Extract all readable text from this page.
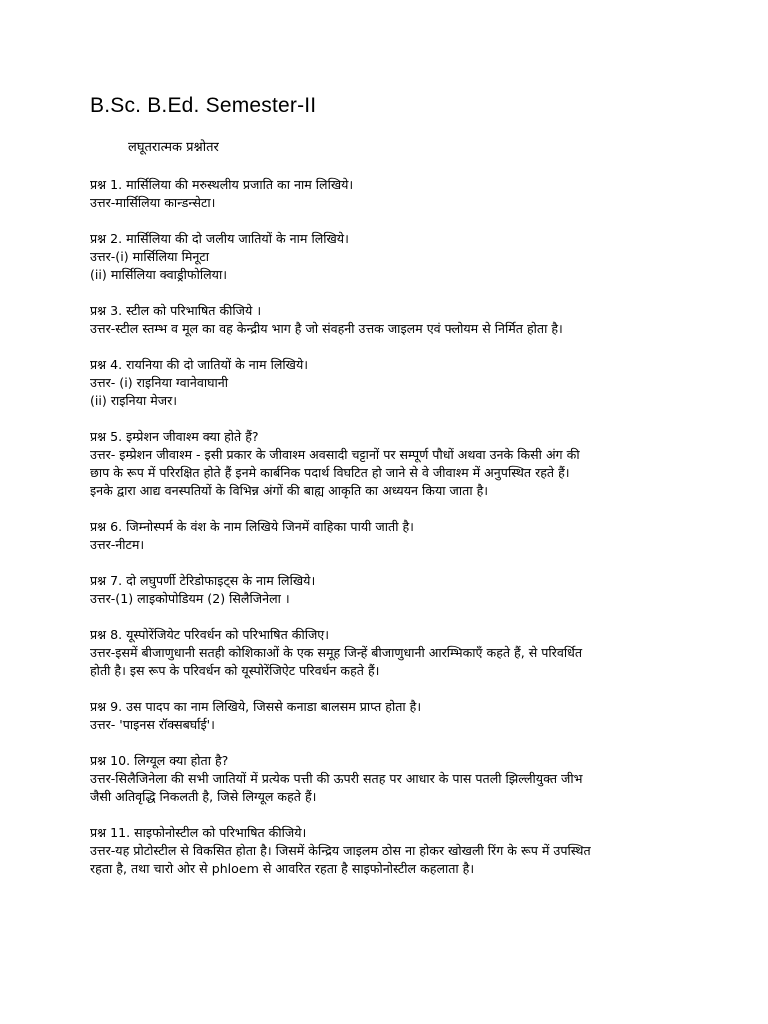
B.Sc. B.Ed. Semester-II
लघूतरात्मक प्रश्नोतर
प्रश्न 1. मार्सिलिया की मरुस्थलीय प्रजाति का नाम लिखिये।
उत्तर-मार्सिलिया कान्डन्सेटा।
प्रश्न 2. मार्सिलिया की दो जलीय जातियों के नाम लिखिये।
उत्तर-(i) मार्सिलिया मिनूटा
(ii) मार्सिलिया क्वाड्रीफोलिया।
प्रश्न 3. स्टील को परिभाषित कीजिये ।
उत्तर-स्टील स्तम्भ व मूल का वह केन्द्रीय भाग है जो संवहनी उत्तक जाइलम एवं फ्लोयम से निर्मित होता है।
प्रश्न 4. रायनिया की दो जातियों के नाम लिखिये।
उत्तर- (i) राइनिया ग्वानेवाघानी
(ii) राइनिया मेजर।
प्रश्न 5. इम्प्रेशन जीवाश्म क्या होते हैं?
उत्तर- इम्प्रेशन जीवाश्म - इसी प्रकार के जीवाश्म अवसादी चट्टानों पर सम्पूर्ण पौधों अथवा उनके किसी अंग की
छाप के रूप में परिरक्षित होते हैं इनमे कार्बनिक पदार्थ विघटित हो जाने से वे जीवाश्म में अनुपस्थित रहते हैं।
इनके द्वारा आद्य वनस्पतियों के विभिन्न अंगों की बाह्य आकृति का अध्ययन किया जाता है।
प्रश्न 6. जिम्नोस्पर्म के वंश के नाम लिखिये जिनमें वाहिका पायी जाती है।
उत्तर-नीटम।
प्रश्न 7. दो लघुपर्णी टेरिडोफाइट्स के नाम लिखिये।
उत्तर-(1) लाइकोपोडियम (2) सिलैजिनेला ।
प्रश्न 8. यूस्पोरेंजियेट परिवर्धन को परिभाषित कीजिए।
उत्तर-इसमें बीजाणुधानी सतही कोशिकाओं के एक समूह जिन्हें बीजाणुधानी आरम्भिकाएँ कहते हैं, से परिवर्धित
होती है। इस रूप के परिवर्धन को यूस्पोरेंजिऐट परिवर्धन कहते हैं।
प्रश्न 9. उस पादप का नाम लिखिये, जिससे कनाडा बालसम प्राप्त होता है।
उत्तर- 'पाइनस रॉक्सबर्घाई'।
प्रश्न 10. लिग्यूल क्या होता है?
उत्तर-सिलैजिनेला की सभी जातियों में प्रत्येक पत्ती की ऊपरी सतह पर आधार के पास पतली झिल्लीयुक्त जीभ
जैसी अतिवृद्धि निकलती है, जिसे लिग्यूल कहते हैं।
प्रश्न 11. साइफोनोस्टील को परिभाषित कीजिये।
उत्तर-यह प्रोटोस्टील से विकसित होता है। जिसमें केन्द्रिय जाइलम ठोस ना होकर खोखली रिंग के रूप में उपस्थित
रहता है, तथा चारो ओर से phloem से आवरित रहता है साइफोनोस्टील कहलाता है।
